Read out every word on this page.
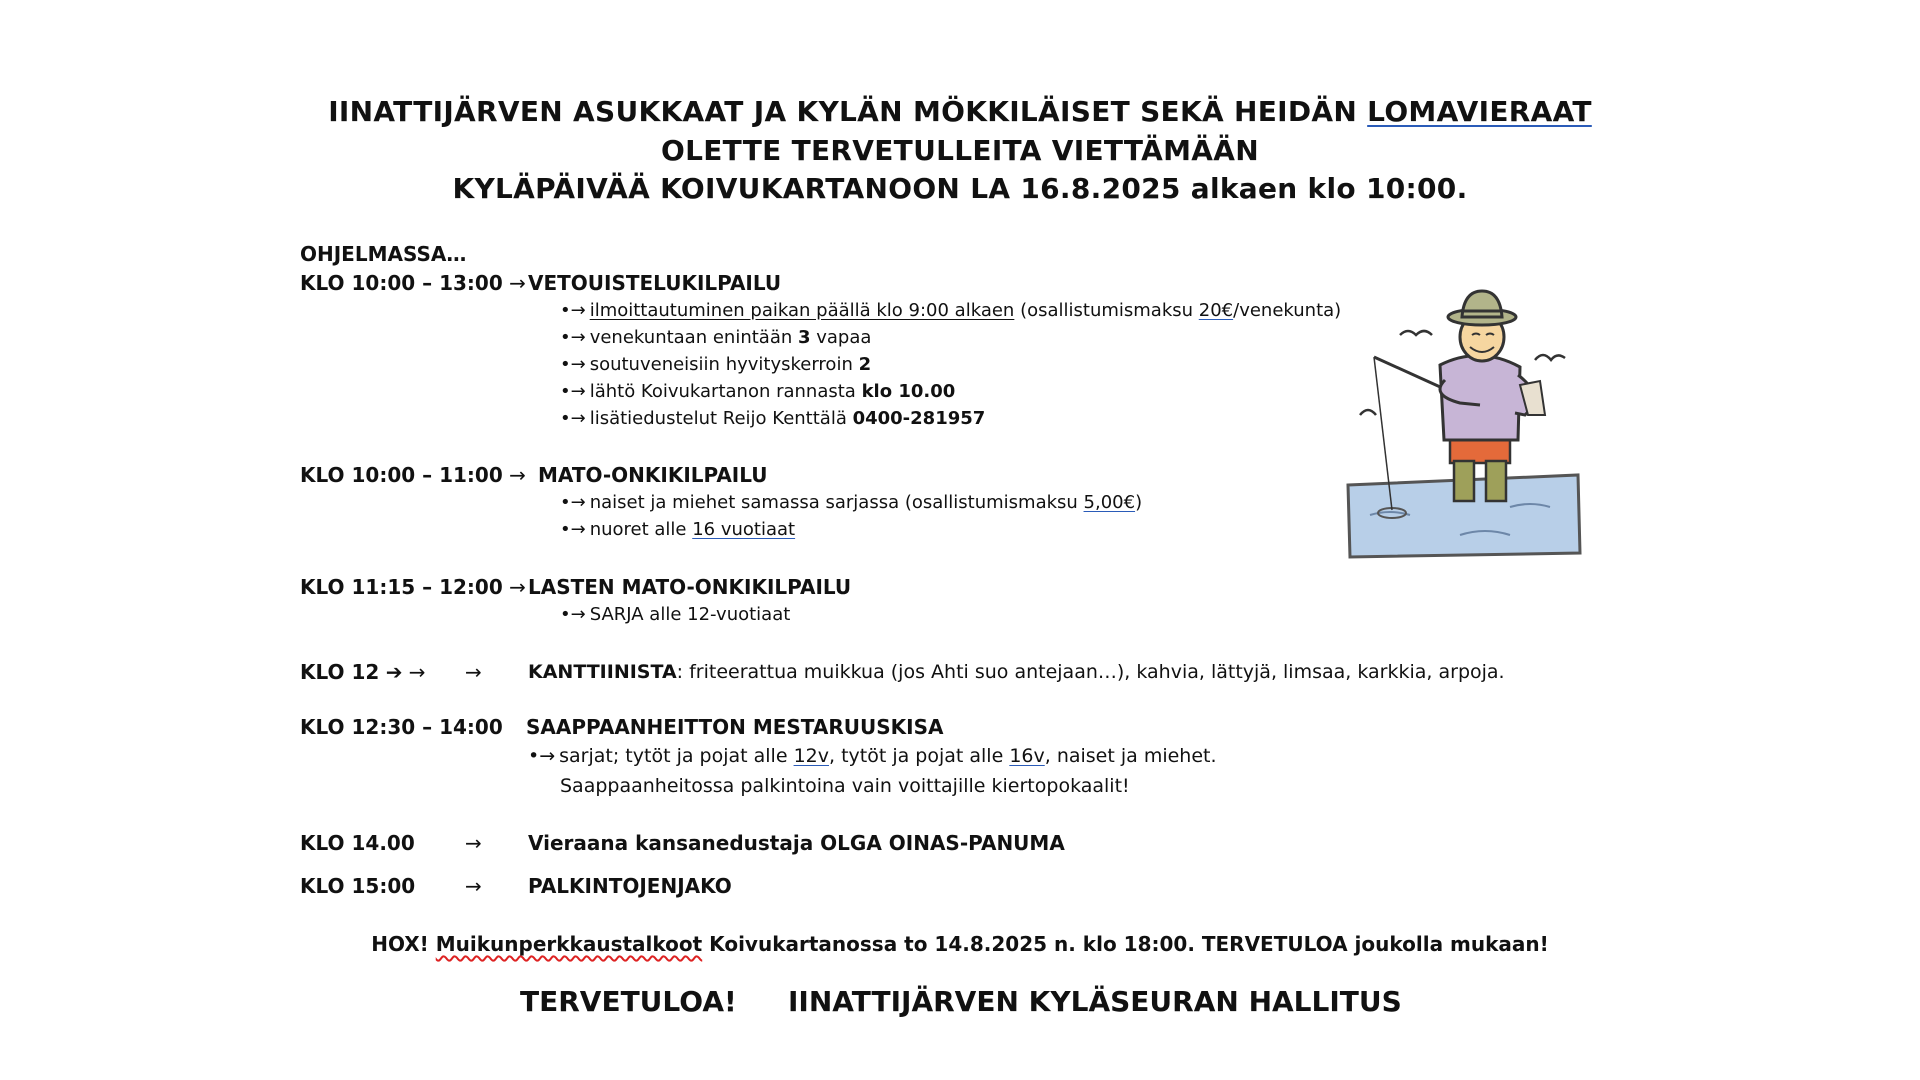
IINATTIJÄRVEN ASUKKAAT JA KYLÄN MÖKKILÄISET SEKÄ HEIDÄN LOMAVIERAAT
OLETTE TERVETULLEITA VIETTÄMÄÄN
KYLÄPÄIVÄÄ KOIVUKARTANOON LA 16.8.2025 alkaen klo 10:00.
OHJELMASSA…
KLO 10:00 – 13:00 → VETOUISTELUKILPAILU
•→ ilmoittautuminen paikan päällä klo 9:00 alkaen (osallistumismaksu 20€/venekunta)
•→ venekuntaan enintään 3 vapaa
•→ soutuveneisiin hyvityskerroin 2
•→ lähtö Koivukartanon rannasta klo 10.00
•→ lisätiedustelut Reijo Kenttälä 0400-281957
KLO 10:00 – 11:00 → MATO-ONKIKILPAILU
•→ naiset ja miehet samassa sarjassa (osallistumismaksu 5,00€)
•→ nuoret alle 16 vuotiaat
KLO 11:15 – 12:00 → LASTEN MATO-ONKIKILPAILU
•→ SARJA alle 12-vuotiaat
KLO 12 ➔ → → KANTTIINISTA: friteerattua muikkua (jos Ahti suo antejaan…), kahvia, lättyjä, limsaa, karkkia, arpoja.
KLO 12:30 – 14:00 SAAPPAANHEITTON MESTARUUSKISA
•→ sarjat; tytöt ja pojat alle 12v, tytöt ja pojat alle 16v, naiset ja miehet.
Saappaanheitossa palkintoina vain voittajille kiertopokaalit!
KLO 14.00	→ Vieraana kansanedustaja OLGA OINAS-PANUMA
KLO 15:00 → PALKINTOJENJAKO
HOX! Muikunperkkaustalkoot Koivukartanossa to 14.8.2025 n. klo 18:00. TERVETULOA joukolla mukaan!
TERVETULOA! IINATTIJÄRVEN KYLÄSEURAN HALLITUS
